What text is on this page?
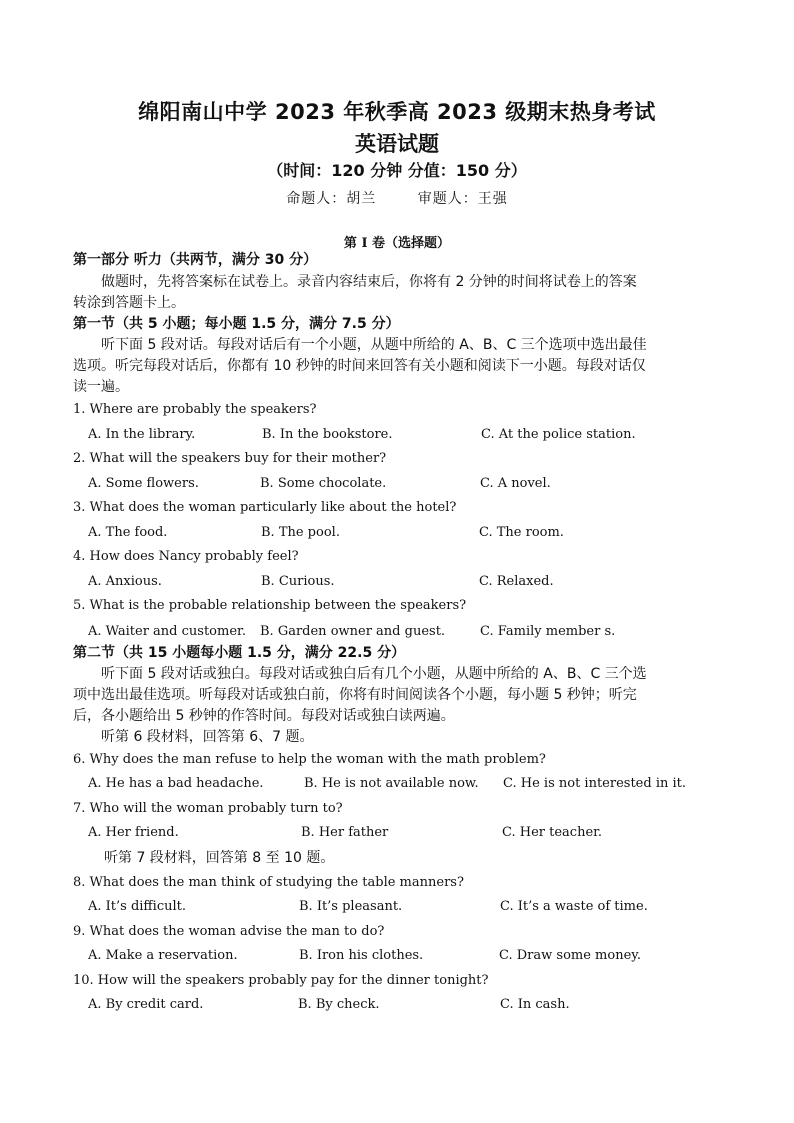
绵阳南山中学 2023 年秋季高 2023 级期末热身考试
英语试题
（时间：120 分钟 分值：150 分）
命题人：胡兰	审题人：王强
第 I 卷（选择题）
第一部分 听力（共两节，满分 30 分）
做题时，先将答案标在试卷上。录音内容结束后，你将有 2 分钟的时间将试卷上的答案
转涂到答题卡上。
第一节（共 5 小题；每小题 1.5 分，满分 7.5 分）
听下面 5 段对话。每段对话后有一个小题，从题中所给的 A、B、C 三个选项中选出最佳
选项。听完每段对话后，你都有 10 秒钟的时间来回答有关小题和阅读下一小题。每段对话仅
读一遍。
1. Where are probably the speakers?
A. In the library.	B. In the bookstore.	C. At the police station.
2. What will the speakers buy for their mother?
A. Some flowers.	B. Some chocolate.	C. A novel.
3. What does the woman particularly like about the hotel?
A. The food.	B. The pool.	C. The room.
4. How does Nancy probably feel?
A. Anxious.	B. Curious.	C. Relaxed.
5. What is the probable relationship between the speakers?
A. Waiter and customer. B. Garden owner and guest.	C. Family member s.
第二节（共 15 小题每小题 1.5 分，满分 22.5 分）
听下面 5 段对话或独白。每段对话或独白后有几个小题，从题中所给的 A、B、C 三个选
项中选出最佳选项。听每段对话或独白前，你将有时间阅读各个小题，每小题 5 秒钟；听完
后，各小题给出 5 秒钟的作答时间。每段对话或独白读两遍。
听第 6 段材料，回答第 6、7 题。
6. Why does the man refuse to help the woman with the math problem?
A. He has a bad headache.	B. He is not available now. C. He is not interested in it.
7. Who will the woman probably turn to?
A. Her friend.	B. Her father	C. Her teacher.
听第 7 段材料，回答第 8 至 10 题。
8. What does the man think of studying the table manners?
A. It’s difficult.	B. It’s pleasant.	C. It’s a waste of time.
9. What does the woman advise the man to do?
A. Make a reservation.	B. Iron his clothes.	C. Draw some money.
10. How will the speakers probably pay for the dinner tonight?
A. By credit card.	B. By check.	C. In cash.
